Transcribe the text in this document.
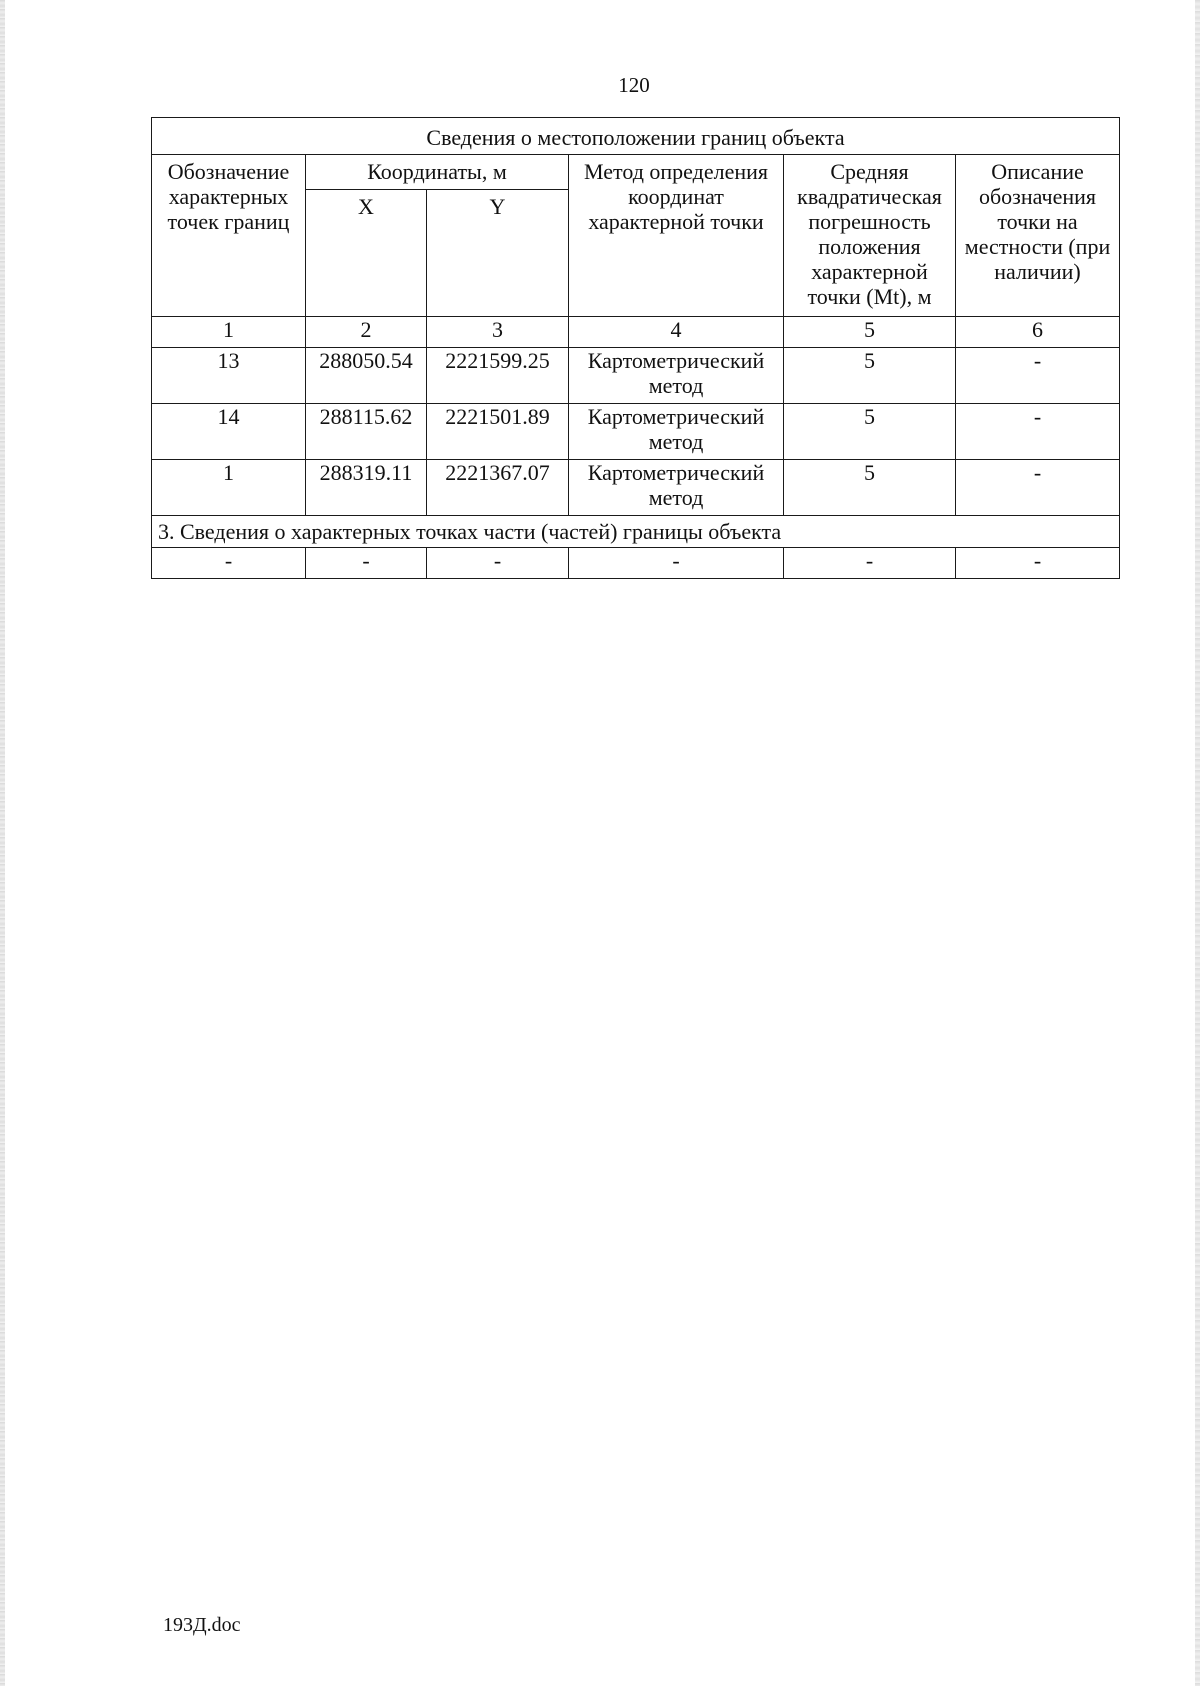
120
Сведения о местоположении границ объекта					
Обозначение характерных точек границ	Координаты, м		Метод определения координат характерной точки	Средняя квадратическая погрешность положения характерной точки (Mt), м	Описание обозначения точки на местности (при наличии)
	X	Y			
1	2	3	4	5	6
13	288050.54	2221599.25	Картометрический метод	5	-
14	288115.62	2221501.89	Картометрический метод	5	-
1	288319.11	2221367.07	Картометрический метод	5	-
3. Сведения о характерных точках части (частей) границы объекта					
-	-	-	-	-	-
193Д.doc
